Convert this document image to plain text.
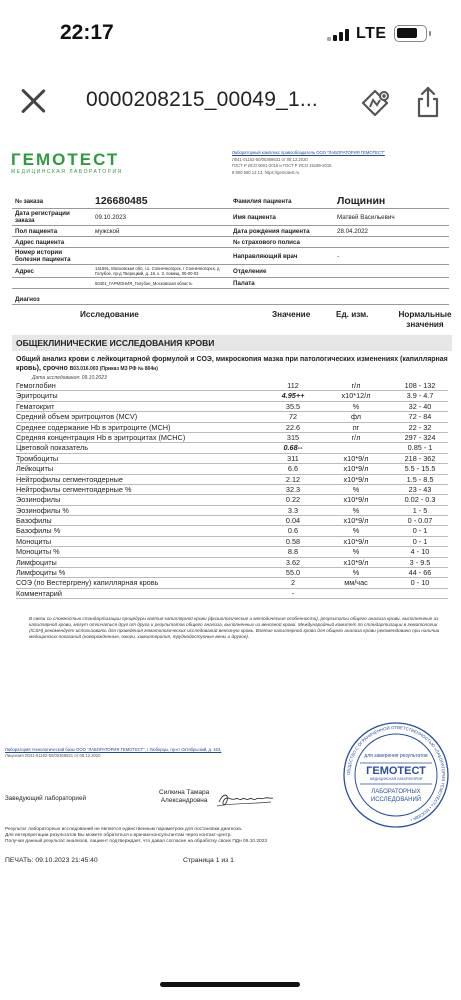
22:17	LTE
0000208215_00049_1...
ГЕМОТЕСТ
МЕДИЦИНСКАЯ ЛАБОРАТОРИЯ
Лабораторный комплекс правообладатель ООО "ЛАБОРАТОРИЯ ГЕМОТЕСТ"
Л041-01162-50/00369631 от 08.12.2020
ГОСТ Р ИСО 9001-2015 и ГОСТ Р ИСО 15189-2015
8 800 550 13 13, https://gemotest.ru
№ заказа	126680485	Фамилия пациента	Лощинин
Дата регистрации заказа	09.10.2023	Имя пациента	Матвей Васильевич
Пол пациента	мужской	Дата рождения пациента	28.04.2022
Адрес пациента		№ страхового полиса	
Номер истории болезни пациента		Направляющий врач	-
Адрес	141551, Московская обл, г.о. Солнечногорск, г Солнечногорск, д Голубое, пр-д Тверецкий, д. 16, к. 3, помещ. 00-00-03	Отделение	
	50401_ГАРМОНИЯ_Голубое_Московская область	Палата	
Диагноз
Исследование	Значение	Ед. изм.	Нормальные значения
ОБЩЕКЛИНИЧЕСКИЕ ИССЛЕДОВАНИЯ КРОВИ
Общий анализ крови с лейкоцитарной формулой и СОЭ, микроскопия мазка при патологических изменениях (капиллярная кровь), срочно В03.016.003 (Приказ МЗ РФ № 804н)
Дата исследования: 09.10.2023
Гемоглобин	112	г/л	108 - 132
Эритроциты	4.95++	x10*12/л	3.9 - 4.7
Гематокрит	35.5	%	32 - 40
Средний объем эритроцитов (MCV)	72	фл	72 - 84
Среднее содержание Hb в эритроците (MCH)	22.6	пг	22 - 32
Средняя концентрация Hb в эритроцитах (MCHC)	315	г/л	297 - 324
Цветовой показатель	0.68--	0.85 - 1
Тромбоциты	311	x10*9/л	218 - 362
Лейкоциты	6.6	x10*9/л	5.5 - 15.5
Нейтрофилы сегментоядерные	2.12	x10*9/л	1.5 - 8.5
Нейтрофилы сегментоядерные %	32.3	%	23 - 43
Эозинофилы	0.22	x10*9/л	0.02 - 0.3
Эозинофилы %	3.3	%	1 - 5
Базофилы	0.04	x10*9/л	0 - 0.07
Базофилы %	0.6	%	0 - 1
Моноциты	0.58	x10*9/л	0 - 1
Моноциты %	8.8	%	4 - 10
Лимфоциты	3.62	x10*9/л	3 - 9.5
Лимфоциты %	55.0	%	44 - 66
СОЭ (по Вестергрену) капиллярная кровь	2	мм/час	0 - 10
Комментарий	-
В связи со сложностью стандартизации процедуры взятия капиллярной крови (физиологические и методические особенности), результаты общего анализа крови, выполненные из капиллярной крови, могут отличаться друг от друга и результатов общего анализа, выполненных из венозной крови. Международный комитет по стандартизации в гематологии (ICSH) рекомендует использовать для проведения гематологических исследований венозную кровь. Взятие капиллярной крови для общего анализа крови рекомендовано при наличии медицинских показаний (новорожденные, ожоги, химиотерапия, труднодоступные вены и другое).
Лаборатория технологической базы ООО "ЛАБОРАТОРИЯ ГЕМОТЕСТ", г Люберцы, пр-кт Октябрьский, д. 163,
Лицензия Л041-01162-50/00369631 от 08.12.2020
Заведующий лабораторией
Силкина Тамара
Александровна
ОБЩЕСТВО С ОГРАНИЧЕННОЙ ОТВЕТСТВЕННОСТЬЮ «ЛАБОРАТОРИЯ ГЕМОТЕСТ» • МОСКВА •
для заверения результатов
ГЕМОТЕСТ
МЕДИЦИНСКАЯ ЛАБОРАТОРИЯ
ЛАБОРАТОРНЫХ
ИССЛЕДОВАНИЙ
Результат лабораторных исследований не является единственным параметром для постановки диагноза.
Для интерпретации результатов Вы можете обратиться к врачам-консультантам через контакт-центр.
Получая данный результат анализов, пациент подтверждает, что давал согласие на обработку своих ПДн 09.10.2023
ПЕЧАТЬ: 09.10.2023 21:45:40	Страница 1 из 1
